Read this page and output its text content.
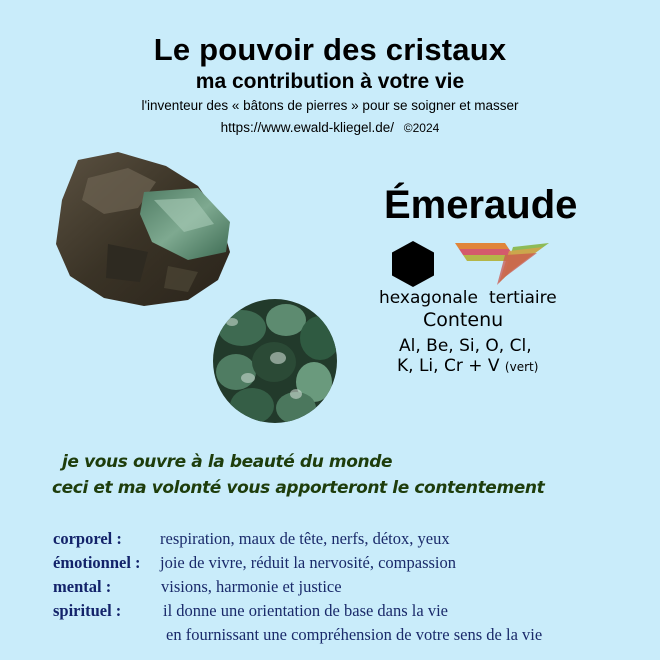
Le pouvoir des cristaux
ma contribution à votre vie
l'inventeur des « bâtons de pierres » pour se soigner et masser
https://www.ewald-kliegel.de/ ©2024
Émeraude
hexagonale tertiaire
Contenu
Al, Be, Si, O, Cl,
K, Li, Cr + V (vert)
je vous ouvre à la beauté du monde
ceci et ma volonté vous apporteront le contentement
corporel : respiration, maux de tête, nerfs, détox, yeux
émotionnel : joie de vivre, réduit la nervosité, compassion
mental :	visions, harmonie et justice
spirituel :	il donne une orientation de base dans la vie
en fournissant une compréhension de votre sens de la vie
